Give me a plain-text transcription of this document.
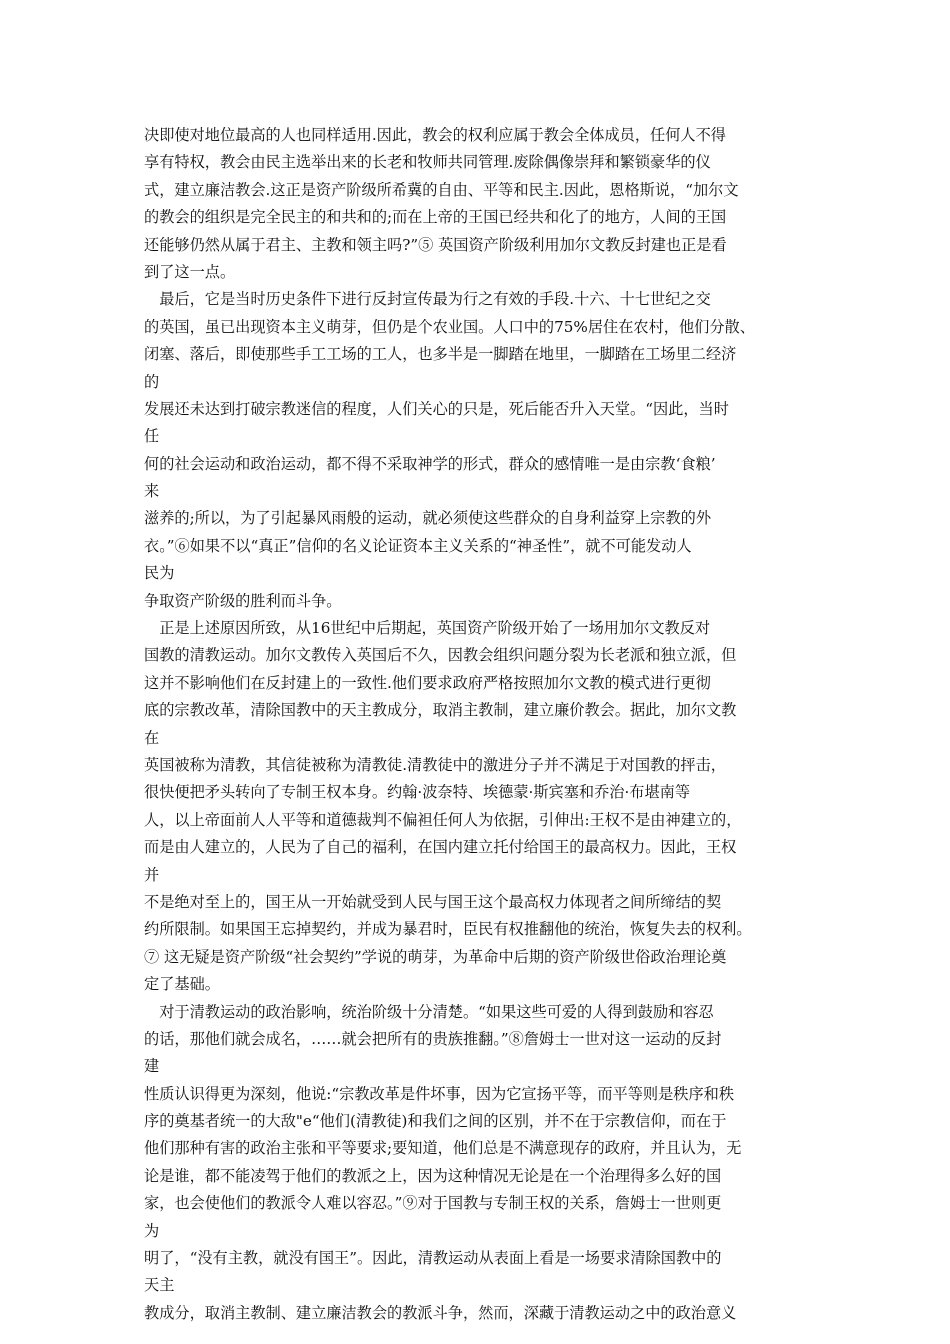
决即使对地位最高的人也同样适用.因此，教会的权利应属于教会全体成员，任何人不得
享有特权，教会由民主选举出来的长老和牧师共同管理.废除偶像崇拜和繁锁豪华的仪
式，建立廉洁教会.这正是资产阶级所希冀的自由、平等和民主.因此，恩格斯说，“加尔文
的教会的组织是完全民主的和共和的;而在上帝的王国已经共和化了的地方，人间的王国
还能够仍然从属于君主、主教和领主吗?”⑤ 英国资产阶级利用加尔文教反封建也正是看
到了这一点。
　最后，它是当时历史条件下进行反封宣传最为行之有效的手段.十六、十七世纪之交
的英国，虽已出现资本主义萌芽，但仍是个农业国。人口中的75%居住在农村，他们分散、
闭塞、落后，即使那些手工工场的工人，也多半是一脚踏在地里，一脚踏在工场里二经济
的
发展还未达到打破宗教迷信的程度，人们关心的只是，死后能否升入天堂。“因此，当时
任
何的社会运动和政治运动，都不得不采取神学的形式，群众的感情唯一是由宗教‘食粮’
来
滋养的;所以，为了引起暴风雨般的运动，就必须使这些群众的自身利益穿上宗教的外
衣。”⑥如果不以“真正”信仰的名义论证资本主义关系的“神圣性”，就不可能发动人
民为
争取资产阶级的胜利而斗争。
　正是上述原因所致，从16世纪中后期起，英国资产阶级开始了一场用加尔文教反对
国教的清教运动。加尔文教传入英国后不久，因教会组织问题分裂为长老派和独立派，但
这并不影响他们在反封建上的一致性.他们要求政府严格按照加尔文教的模式进行更彻
底的宗教改革，清除国教中的天主教成分，取消主教制，建立廉价教会。据此，加尔文教
在
英国被称为清教，其信徒被称为清教徒.清教徒中的激进分子并不满足于对国教的抨击，
很快便把矛头转向了专制王权本身。约翰·波奈特、埃德蒙·斯宾塞和乔治·布堪南等
人，以上帝面前人人平等和道德裁判不偏袒任何人为依据，引伸出:王权不是由神建立的，
而是由人建立的，人民为了自己的福利，在国内建立托付给国王的最高权力。因此，王权
并
不是绝对至上的，国王从一开始就受到人民与国王这个最高权力体现者之间所缔结的契
约所限制。如果国王忘掉契约，并成为暴君时，臣民有权推翻他的统治，恢复失去的权利。
⑦ 这无疑是资产阶级“社会契约”学说的萌芽，为革命中后期的资产阶级世俗政治理论奠
定了基础。
　对于清教运动的政治影响，统治阶级十分清楚。“如果这些可爱的人得到鼓励和容忍
的话，那他们就会成名，……就会把所有的贵族推翻。”⑧詹姆士一世对这一运动的反封
建
性质认识得更为深刻，他说:“宗教改革是件坏事，因为它宣扬平等，而平等则是秩序和秩
序的奠基者统一的大敌"e“他们(清教徒)和我们之间的区别，并不在于宗教信仰，而在于
他们那种有害的政治主张和平等要求;要知道，他们总是不满意现存的政府，并且认为，无
论是谁，都不能凌驾于他们的教派之上，因为这种情况无论是在一个治理得多么好的国
家，也会使他们的教派令人难以容忍。”⑨对于国教与专制王权的关系，詹姆士一世则更
为
明了，“没有主教，就没有国王”。因此，清教运动从表面上看是一场要求清除国教中的
天主
教成分，取消主教制、建立廉洁教会的教派斗争，然而，深藏于清教运动之中的政治意义
